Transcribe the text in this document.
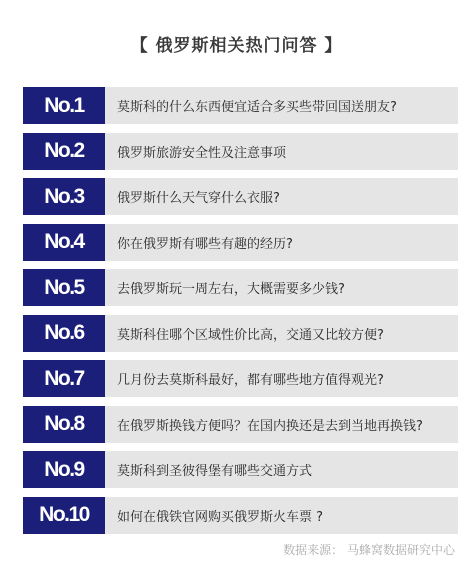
【 俄罗斯相关热门问答 】
No.1	莫斯科的什么东西便宜适合多买些带回国送朋友?
No.2	俄罗斯旅游安全性及注意事项
No.3	俄罗斯什么天气穿什么衣服?
No.4	你在俄罗斯有哪些有趣的经历?
No.5	去俄罗斯玩一周左右，大概需要多少钱?
No.6	莫斯科住哪个区域性价比高，交通又比较方便?
No.7	几月份去莫斯科最好，都有哪些地方值得观光?
No.8	在俄罗斯换钱方便吗？在国内换还是去到当地再换钱?
No.9	莫斯科到圣彼得堡有哪些交通方式
No.10	如何在俄铁官网购买俄罗斯火车票 ?
数据来源： 马蜂窝数据研究中心
